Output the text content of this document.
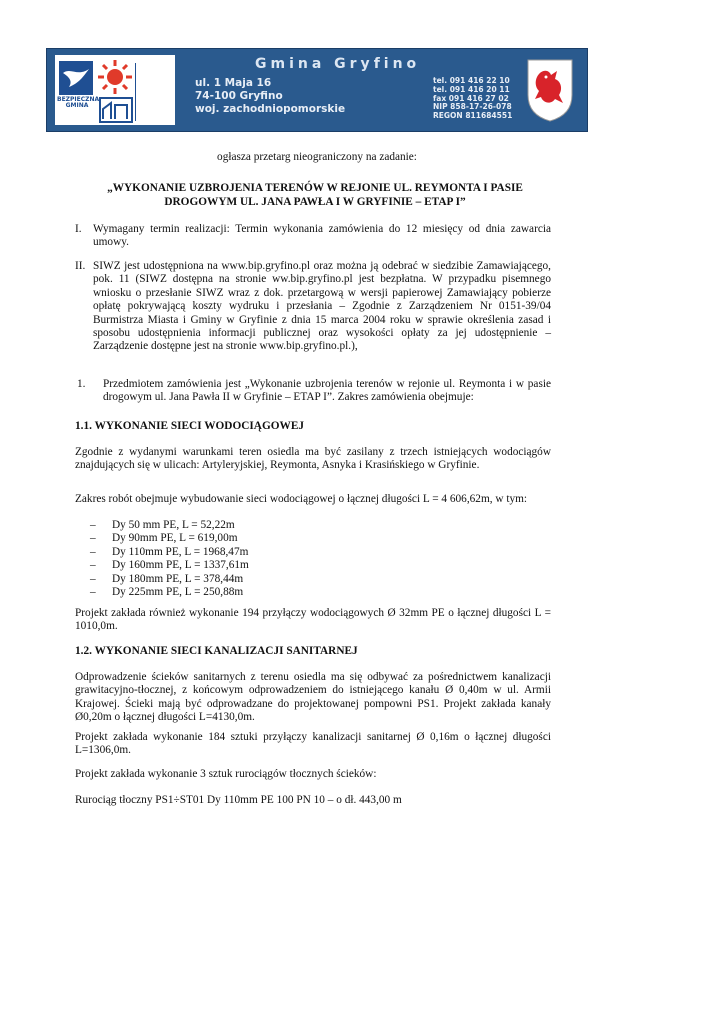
BEZPIECZNA GMINA
Gmina Gryfino
ul. 1 Maja 16
74-100 Gryfino
woj. zachodniopomorskie
tel. 091 416 22 10
tel. 091 416 20 11
fax 091 416 27 02
NIP 858-17-26-078
REGON 811684551
ogłasza przetarg nieograniczony na zadanie:
„WYKONANIE UZBROJENIA TERENÓW W REJONIE UL. REYMONTA I PASIE
DROGOWYM UL. JANA PAWŁA I W GRYFINIE – ETAP I”
I. Wymagany termin realizacji: Termin wykonania zamówienia do 12 miesięcy od dnia zawarcia umowy.
II. SIWZ jest udostępniona na www.bip.gryfino.pl oraz można ją odebrać w siedzibie Zamawiającego, pok. 11 (SIWZ dostępna na stronie ww.bip.gryfino.pl jest bezpłatna. W przypadku pisemnego wniosku o przesłanie SIWZ wraz z dok. przetargową w wersji papierowej Zamawiający pobierze opłatę pokrywającą koszty wydruku i przesłania – Zgodnie z Zarządzeniem Nr 0151-39/04 Burmistrza Miasta i Gminy w Gryfinie z dnia 15 marca 2004 roku w sprawie określenia zasad i sposobu udostępnienia informacji publicznej oraz wysokości opłaty za jej udostępnienie – Zarządzenie dostępne jest na stronie www.bip.gryfino.pl.),
1. Przedmiotem zamówienia jest „Wykonanie uzbrojenia terenów w rejonie ul. Reymonta i w pasie drogowym ul. Jana Pawła II w Gryfinie – ETAP I”. Zakres zamówienia obejmuje:
1.1. WYKONANIE SIECI WODOCIĄGOWEJ
Zgodnie z wydanymi warunkami teren osiedla ma być zasilany z trzech istniejących wodociągów znajdujących się w ulicach: Artyleryjskiej, Reymonta, Asnyka i Krasińskiego w Gryfinie.
Zakres robót obejmuje wybudowanie sieci wodociągowej o łącznej długości L = 4 606,62m, w tym:
– Dy 50 mm PE, L = 52,22m
– Dy 90mm PE, L = 619,00m
– Dy 110mm PE, L = 1968,47m
– Dy 160mm PE, L = 1337,61m
– Dy 180mm PE, L = 378,44m
– Dy 225mm PE, L = 250,88m
Projekt zakłada również wykonanie 194 przyłączy wodociągowych Ø 32mm PE o łącznej długości L = 1010,0m.
1.2. WYKONANIE SIECI KANALIZACJI SANITARNEJ
Odprowadzenie ścieków sanitarnych z terenu osiedla ma się odbywać za pośrednictwem kanalizacji grawitacyjno-tłocznej, z końcowym odprowadzeniem do istniejącego kanału Ø 0,40m w ul. Armii Krajowej. Ścieki mają być odprowadzane do projektowanej pompowni PS1. Projekt zakłada kanały Ø0,20m o łącznej długości L=4130,0m.
Projekt zakłada wykonanie 184 sztuki przyłączy kanalizacji sanitarnej Ø 0,16m o łącznej długości L=1306,0m.
Projekt zakłada wykonanie 3 sztuk rurociągów tłocznych ścieków:
Rurociąg tłoczny PS1÷ST01 Dy 110mm PE 100 PN 10 – o dł. 443,00 m
